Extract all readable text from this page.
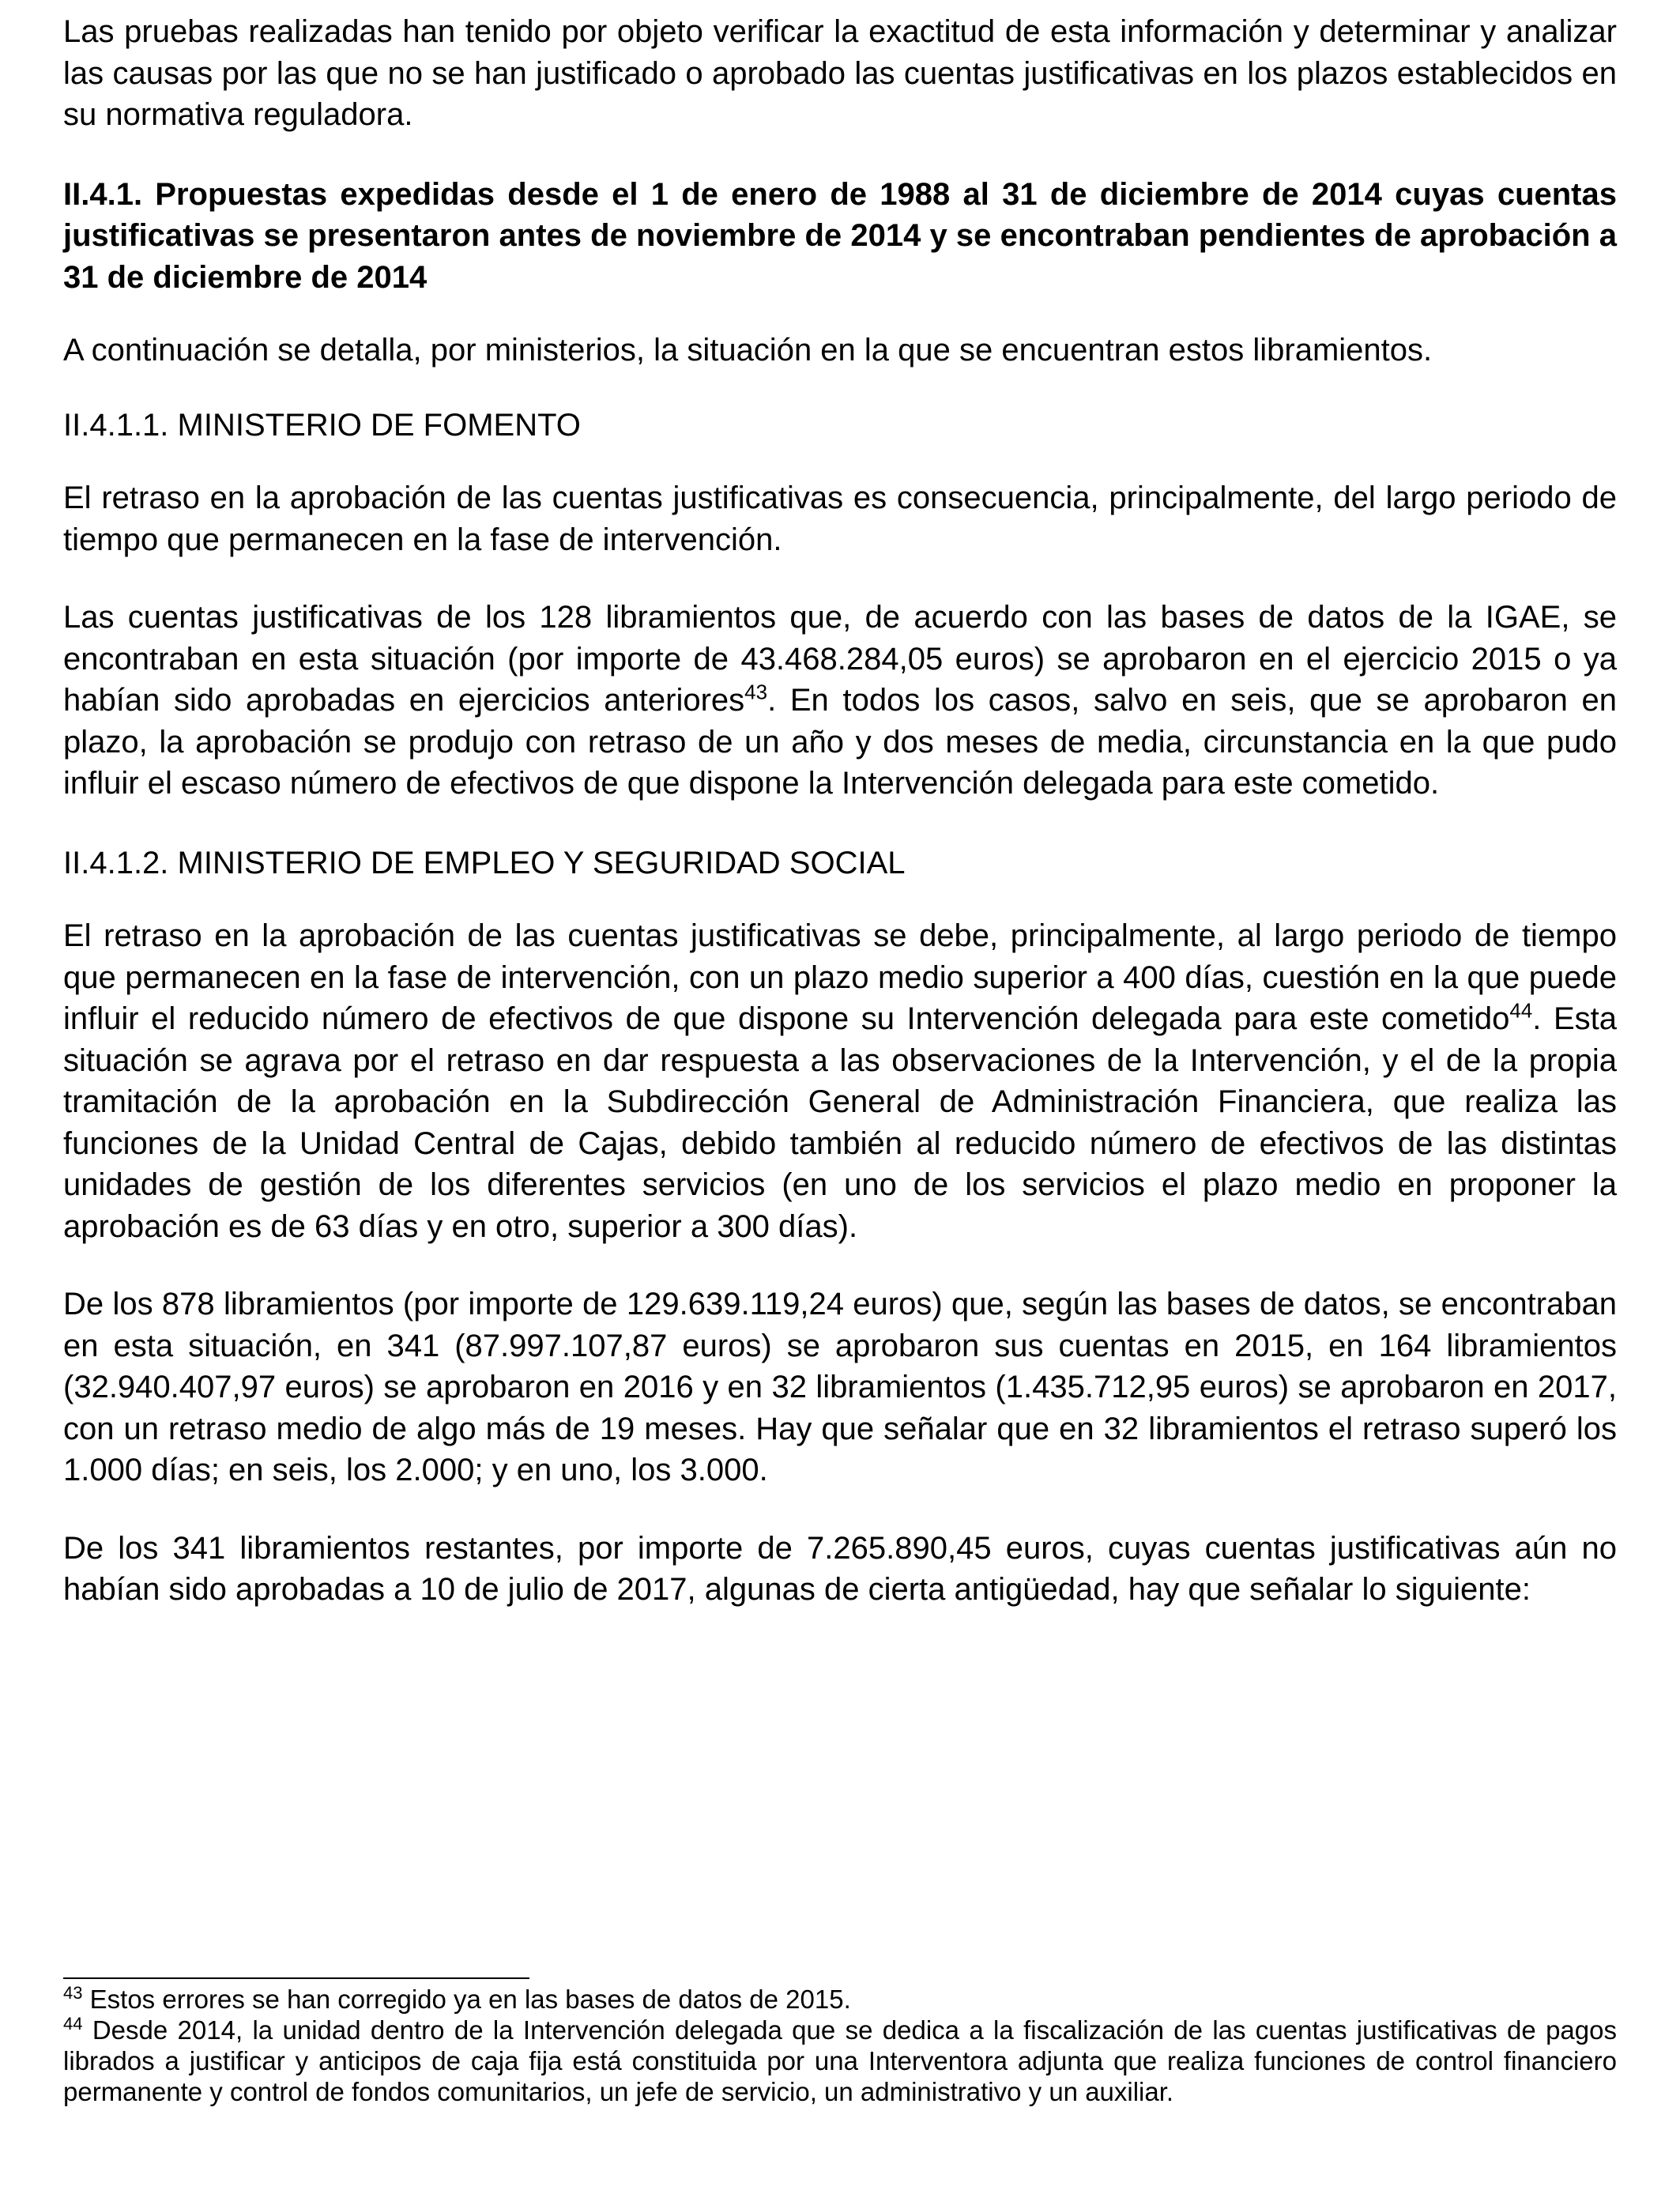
Las pruebas realizadas han tenido por objeto verificar la exactitud de esta información y determinar y analizar las causas por las que no se han justificado o aprobado las cuentas justificativas en los plazos establecidos en su normativa reguladora.

II.4.1. Propuestas expedidas desde el 1 de enero de 1988 al 31 de diciembre de 2014 cuyas cuentas justificativas se presentaron antes de noviembre de 2014 y se encontraban pendientes de aprobación a 31 de diciembre de 2014

A continuación se detalla, por ministerios, la situación en la que se encuentran estos libramientos.

II.4.1.1. MINISTERIO DE FOMENTO

El retraso en la aprobación de las cuentas justificativas es consecuencia, principalmente, del largo periodo de tiempo que permanecen en la fase de intervención.

Las cuentas justificativas de los 128 libramientos que, de acuerdo con las bases de datos de la IGAE, se encontraban en esta situación (por importe de 43.468.284,05 euros) se aprobaron en el ejercicio 2015 o ya habían sido aprobadas en ejercicios anteriores$^{43}$. En todos los casos, salvo en seis, que se aprobaron en plazo, la aprobación se produjo con retraso de un año y dos meses de media, circunstancia en la que pudo influir el escaso número de efectivos de que dispone la Intervención delegada para este cometido.

II.4.1.2. MINISTERIO DE EMPLEO Y SEGURIDAD SOCIAL

El retraso en la aprobación de las cuentas justificativas se debe, principalmente, al largo periodo de tiempo que permanecen en la fase de intervención, con un plazo medio superior a 400 días, cuestión en la que puede influir el reducido número de efectivos de que dispone su Intervención delegada para este cometido$^{44}$. Esta situación se agrava por el retraso en dar respuesta a las observaciones de la Intervención, y el de la propia tramitación de la aprobación en la Subdirección General de Administración Financiera, que realiza las funciones de la Unidad Central de Cajas, debido también al reducido número de efectivos de las distintas unidades de gestión de los diferentes servicios (en uno de los servicios el plazo medio en proponer la aprobación es de 63 días y en otro, superior a 300 días).

De los 878 libramientos (por importe de 129.639.119,24 euros) que, según las bases de datos, se encontraban en esta situación, en 341 (87.997.107,87 euros) se aprobaron sus cuentas en 2015, en 164 libramientos (32.940.407,97 euros) se aprobaron en 2016 y en 32 libramientos (1.435.712,95 euros) se aprobaron en 2017, con un retraso medio de algo más de 19 meses. Hay que señalar que en 32 libramientos el retraso superó los 1.000 días; en seis, los 2.000; y en uno, los 3.000.

De los 341 libramientos restantes, por importe de 7.265.890,45 euros, cuyas cuentas justificativas aún no habían sido aprobadas a 10 de julio de 2017, algunas de cierta antigüedad, hay que señalar lo siguiente:

$^{43}$ Estos errores se han corregido ya en las bases de datos de 2015.

$^{44}$ Desde 2014, la unidad dentro de la Intervención delegada que se dedica a la fiscalización de las cuentas justificativas de pagos librados a justificar y anticipos de caja fija está constituida por una Interventora adjunta que realiza funciones de control financiero permanente y control de fondos comunitarios, un jefe de servicio, un administrativo y un auxiliar.
